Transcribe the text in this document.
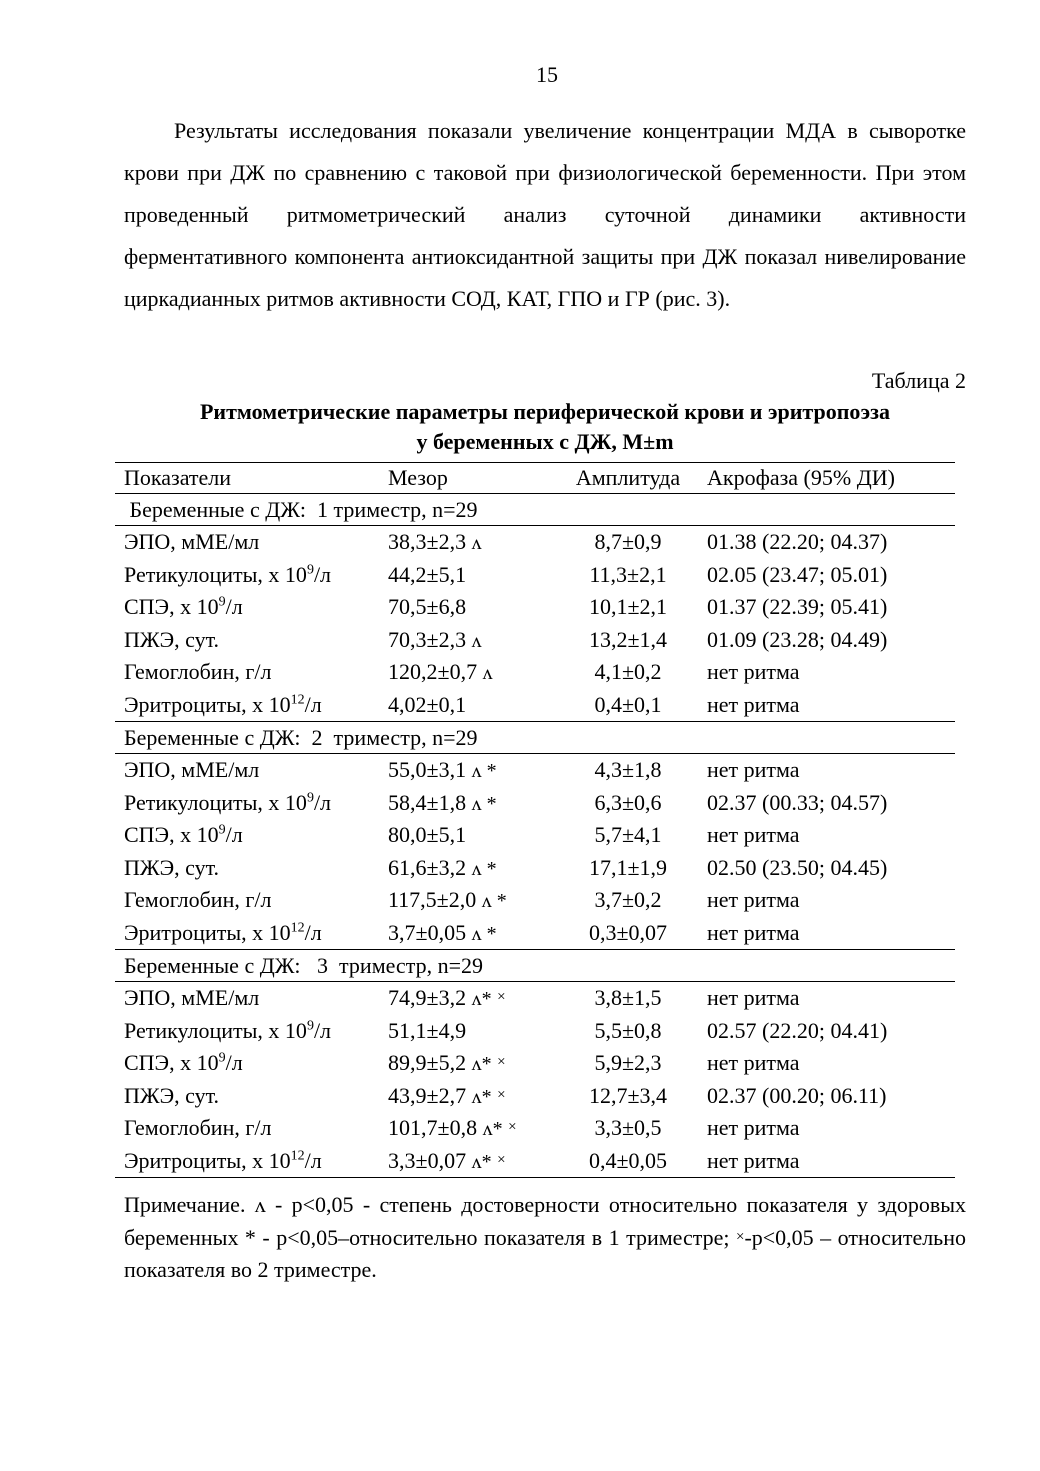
15

Результаты исследования показали увеличение концентрации МДА в сыворотке крови при ДЖ по сравнению с таковой при физиологической беременности. При этом проведенный ритмометрический анализ суточной динамики активности ферментативного компонента антиоксидантной защиты при ДЖ показал нивелирование циркадианных ритмов активности СОД, КАТ, ГПО и ГР (рис. 3).

Таблица 2
Ритмометрические параметры периферической крови и эритропоэза
у беременных с ДЖ, M±m
Показатели	Мезор	Амплитуда	Акрофаза (95% ДИ)
Беременные с ДЖ:  1 триместр, n=29			
ЭПО, мМЕ/мл	38,3±2,3 ʌ	8,7±0,9	01.38 (22.20; 04.37)
Ретикулоциты, х $10^9/л$	44,2±5,1	11,3±2,1	02.05 (23.47; 05.01)
СПЭ, х $10^9/л$	70,5±6,8	10,1±2,1	01.37 (22.39; 05.41)
ПЖЭ, сут.	70,3±2,3 ʌ	13,2±1,4	01.09 (23.28; 04.49)
Гемоглобин, г/л	120,2±0,7 ʌ	4,1±0,2	нет ритма
Эритроциты, х $10^{12}/л$	4,02±0,1	0,4±0,1	нет ритма
Беременные с ДЖ:  2  триместр, n=29			
ЭПО, мМЕ/мл	55,0±3,1 ʌ *	4,3±1,8	нет ритма
Ретикулоциты, х $10^9/л$	58,4±1,8 ʌ *	6,3±0,6	02.37 (00.33; 04.57)
СПЭ, х $10^9/л$	80,0±5,1	5,7±4,1	нет ритма
ПЖЭ, сут.	61,6±3,2 ʌ *	17,1±1,9	02.50 (23.50; 04.45)
Гемоглобин, г/л	117,5±2,0 ʌ *	3,7±0,2	нет ритма
Эритроциты, х $10^{12}/л$	3,7±0,05 ʌ *	0,3±0,07	нет ритма
Беременные с ДЖ:   3  триместр, n=29			
ЭПО, мМЕ/мл	74,9±3,2 ʌ* ×	3,8±1,5	нет ритма
Ретикулоциты, х $10^9/л$	51,1±4,9	5,5±0,8	02.57 (22.20; 04.41)
СПЭ, х $10^9/л$	89,9±5,2 ʌ* ×	5,9±2,3	нет ритма
ПЖЭ, сут.	43,9±2,7 ʌ* ×	12,7±3,4	02.37 (00.20; 06.11)
Гемоглобин, г/л	101,7±0,8 ʌ* ×	3,3±0,5	нет ритма
Эритроциты, х $10^{12}/л$	3,3±0,07 ʌ* ×	0,4±0,05	нет ритма

Примечание. ʌ - p<0,05 - степень достоверности относительно показателя у здоровых беременных * - p<0,05–относительно показателя в 1 триместре; ×-p<0,05 – относительно показателя во 2 триместре.
